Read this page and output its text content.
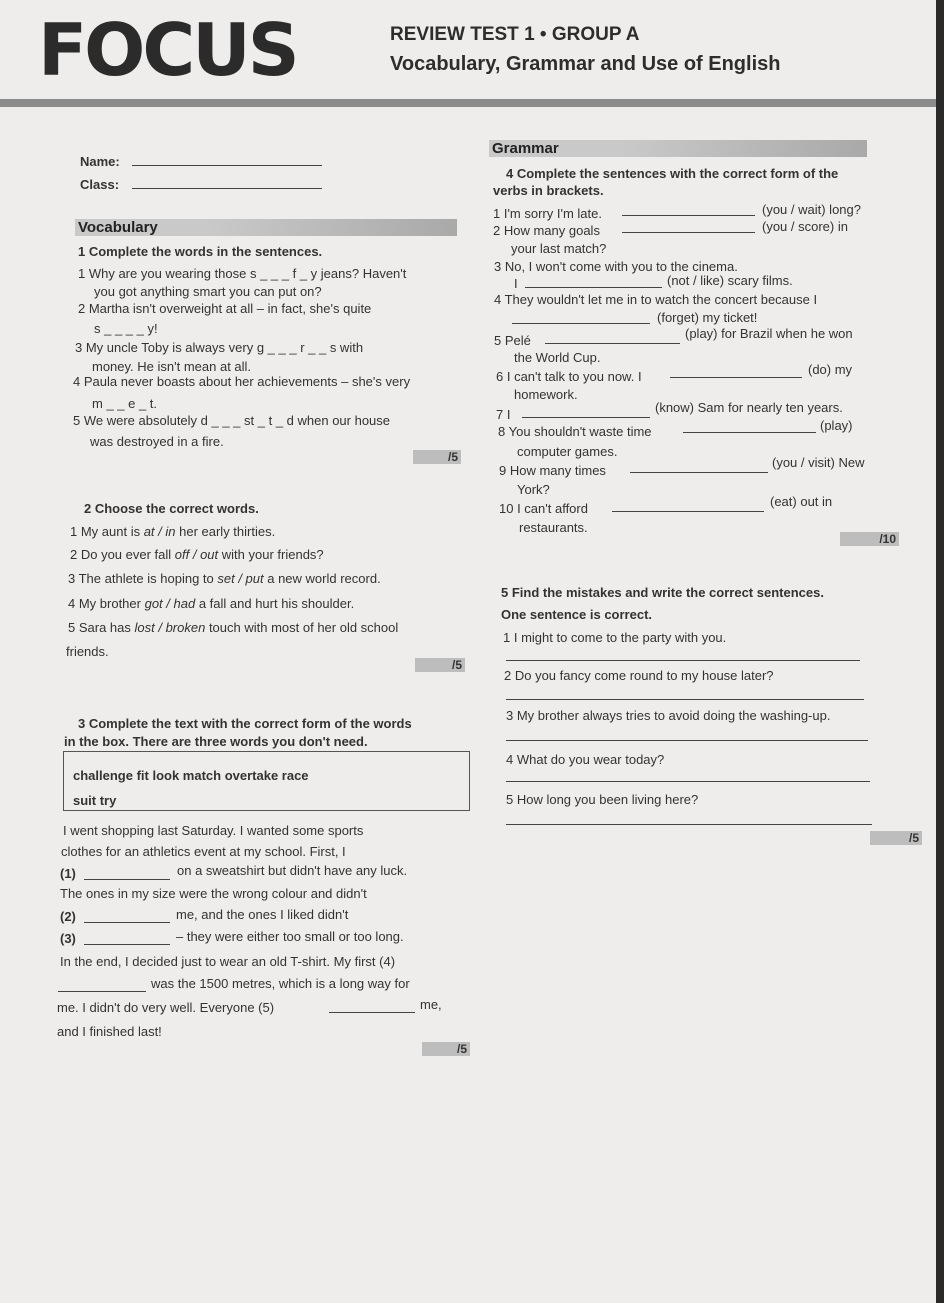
FOCUS	REVIEW TEST 1 • GROUP A
Vocabulary, Grammar and Use of English
Name:
Class:
Vocabulary
1 Complete the words in the sentences.
1 Why are you wearing those s _ _ _ f _ y jeans? Haven't
you got anything smart you can put on?
2 Martha isn't overweight at all – in fact, she's quite
s _ _ _ _ y!
3 My uncle Toby is always very g _ _ _ r _ _ s with
money. He isn't mean at all.
4 Paula never boasts about her achievements – she's very
m _ _ e _ t.
5 We were absolutely d _ _ _ st _ t _ d when our house
was destroyed in a fire.
/5
2 Choose the correct words.
1 My aunt is at / in her early thirties.
2 Do you ever fall off / out with your friends?
3 The athlete is hoping to set / put a new world record.
4 My brother got / had a fall and hurt his shoulder.
5 Sara has lost / broken touch with most of her old school
friends.
/5
3 Complete the text with the correct form of the words
in the box. There are three words you don't need.
challenge fit look match overtake race
suit try
I went shopping last Saturday. I wanted some sports
clothes for an athletics event at my school. First, I
(1)	on a sweatshirt but didn't have any luck.
The ones in my size were the wrong colour and didn't
(2)	me, and the ones I liked didn't
(3)	– they were either too small or too long.
In the end, I decided just to wear an old T-shirt. My first (4)
was the 1500 metres, which is a long way for
me. I didn't do very well. Everyone (5)	me,
and I finished last!
/5
Grammar
4 Complete the sentences with the correct form of the
verbs in brackets.
1 I'm sorry I'm late.	(you / wait) long?
2 How many goals	(you / score) in
your last match?
3 No, I won't come with you to the cinema.
I	(not / like) scary films.
4 They wouldn't let me in to watch the concert because I
(forget) my ticket!
5 Pelé	(play) for Brazil when he won
the World Cup.
6 I can't talk to you now. I	(do) my
homework.
7 I	(know) Sam for nearly ten years.
8 You shouldn't waste time	(play)
computer games.
9 How many times
(you / visit) New
York?
10 I can't afford	(eat) out in
restaurants.
/10
5 Find the mistakes and write the correct sentences.
One sentence is correct.
1 I might to come to the party with you.
2 Do you fancy come round to my house later?
3 My brother always tries to avoid doing the washing-up.
4 What do you wear today?
5 How long you been living here?
/5
